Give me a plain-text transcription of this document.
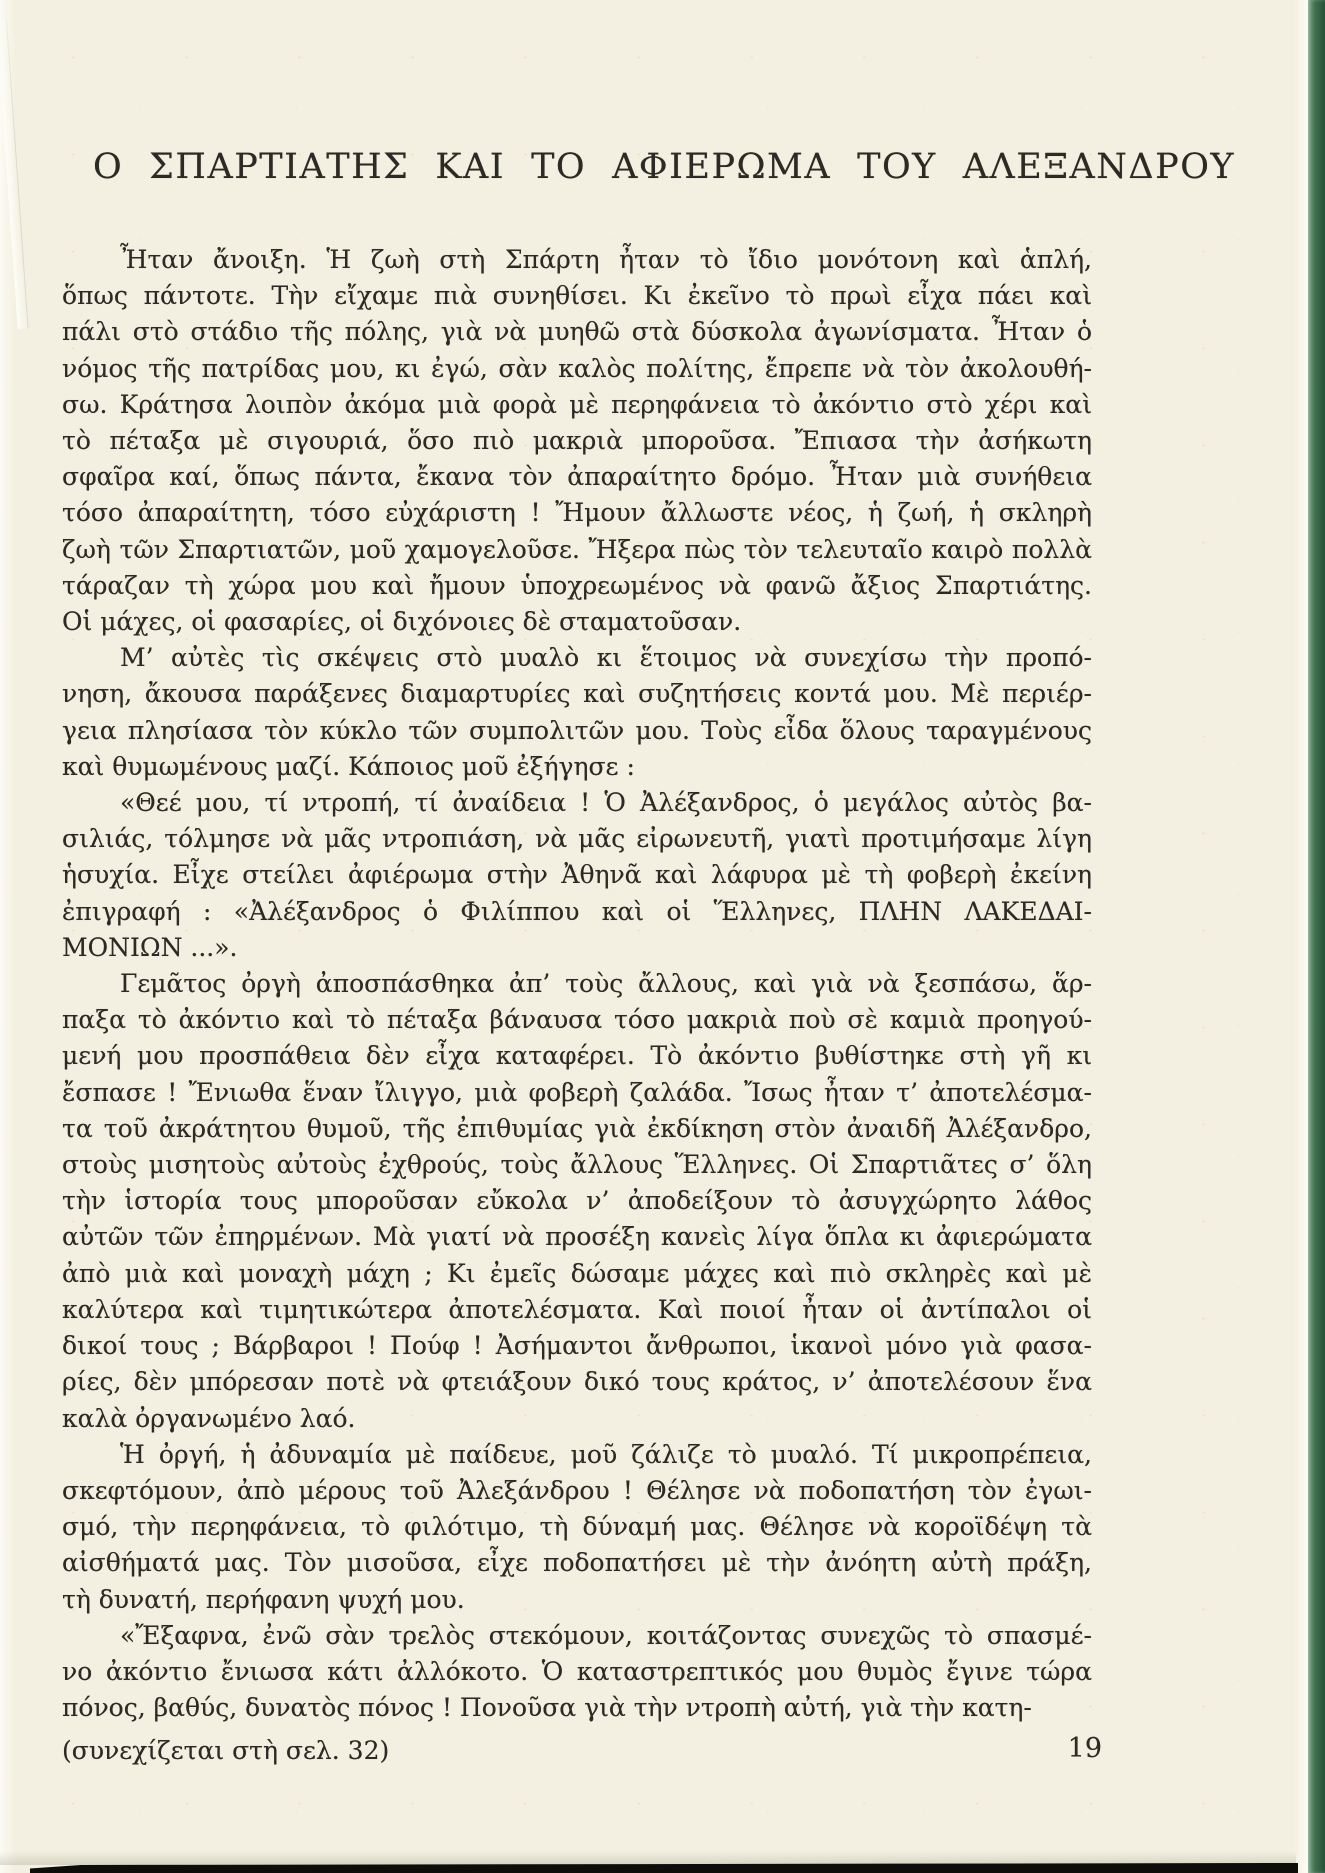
Ο ΣΠΑΡΤΙΑΤΗΣ ΚΑΙ ΤΟ ΑΦΙΕΡΩΜΑ ΤΟΥ ΑΛΕΞΑΝΔΡΟΥ
Ἦταν ἄνοιξη. Ἡ ζωὴ στὴ Σπάρτη ἦταν τὸ ἴδιο μονότονη καὶ ἁπλή,
ὅπως πάντοτε. Τὴν εἴχαμε πιὰ συνηθίσει. Κι ἐκεῖνο τὸ πρωὶ εἶχα πάει καὶ
πάλι στὸ στάδιο τῆς πόλης, γιὰ νὰ μυηθῶ στὰ δύσκολα ἀγωνίσματα. Ἦταν ὁ
νόμος τῆς πατρίδας μου, κι ἐγώ, σὰν καλὸς πολίτης, ἔπρεπε νὰ τὸν ἀκολουθή-
σω. Κράτησα λοιπὸν ἀκόμα μιὰ φορὰ μὲ περηφάνεια τὸ ἀκόντιο στὸ χέρι καὶ
τὸ πέταξα μὲ σιγουριά, ὅσο πιὸ μακριὰ μποροῦσα. Ἔπιασα τὴν ἀσήκωτη
σφαῖρα καί, ὅπως πάντα, ἔκανα τὸν ἀπαραίτητο δρόμο. Ἦταν μιὰ συνήθεια
τόσο ἀπαραίτητη, τόσο εὐχάριστη ! Ἤμουν ἄλλωστε νέος, ἡ ζωή, ἡ σκληρὴ
ζωὴ τῶν Σπαρτιατῶν, μοῦ χαμογελοῦσε. Ἤξερα πὼς τὸν τελευταῖο καιρὸ πολλὰ
τάραζαν τὴ χώρα μου καὶ ἤμουν ὑποχρεωμένος νὰ φανῶ ἄξιος Σπαρτιάτης.
Οἱ μάχες, οἱ φασαρίες, οἱ διχόνοιες δὲ σταματοῦσαν.
Μ’ αὐτὲς τὶς σκέψεις στὸ μυαλὸ κι ἕτοιμος νὰ συνεχίσω τὴν προπό-
νηση, ἄκουσα παράξενες διαμαρτυρίες καὶ συζητήσεις κοντά μου. Μὲ περιέρ-
γεια πλησίασα τὸν κύκλο τῶν συμπολιτῶν μου. Τοὺς εἶδα ὅλους ταραγμένους
καὶ θυμωμένους μαζί. Κάποιος μοῦ ἐξήγησε :
«Θεέ μου, τί ντροπή, τί ἀναίδεια ! Ὁ Ἀλέξανδρος, ὁ μεγάλος αὐτὸς βα-
σιλιάς, τόλμησε νὰ μᾶς ντροπιάση, νὰ μᾶς εἰρωνευτῆ, γιατὶ προτιμήσαμε λίγη
ἡσυχία. Εἶχε στείλει ἀφιέρωμα στὴν Ἀθηνᾶ καὶ λάφυρα μὲ τὴ φοβερὴ ἐκείνη
ἐπιγραφή : «Ἀλέξανδρος ὁ Φιλίππου καὶ οἱ Ἕλληνες, ΠΛΗΝ ΛΑΚΕΔΑΙ-
ΜΟΝΙΩΝ ...».
Γεμᾶτος ὀργὴ ἀποσπάσθηκα ἀπ’ τοὺς ἄλλους, καὶ γιὰ νὰ ξεσπάσω, ἅρ-
παξα τὸ ἀκόντιο καὶ τὸ πέταξα βάναυσα τόσο μακριὰ ποὺ σὲ καμιὰ προηγού-
μενή μου προσπάθεια δὲν εἶχα καταφέρει. Τὸ ἀκόντιο βυθίστηκε στὴ γῆ κι
ἔσπασε ! Ἔνιωθα ἕναν ἴλιγγο, μιὰ φοβερὴ ζαλάδα. Ἴσως ἦταν τ’ ἀποτελέσμα-
τα τοῦ ἀκράτητου θυμοῦ, τῆς ἐπιθυμίας γιὰ ἐκδίκηση στὸν ἀναιδῆ Ἀλέξανδρο,
στοὺς μισητοὺς αὐτοὺς ἐχθρούς, τοὺς ἄλλους Ἕλληνες. Οἱ Σπαρτιᾶτες σ’ ὅλη
τὴν ἱστορία τους μποροῦσαν εὔκολα ν’ ἀποδείξουν τὸ ἀσυγχώρητο λάθος
αὐτῶν τῶν ἐπηρμένων. Μὰ γιατί νὰ προσέξη κανεὶς λίγα ὅπλα κι ἀφιερώματα
ἀπὸ μιὰ καὶ μοναχὴ μάχη ; Κι ἐμεῖς δώσαμε μάχες καὶ πιὸ σκληρὲς καὶ μὲ
καλύτερα καὶ τιμητικώτερα ἀποτελέσματα. Καὶ ποιοί ἦταν οἱ ἀντίπαλοι οἱ
δικοί τους ; Βάρβαροι ! Πούφ ! Ἀσήμαντοι ἄνθρωποι, ἱκανοὶ μόνο γιὰ φασα-
ρίες, δὲν μπόρεσαν ποτὲ νὰ φτειάξουν δικό τους κράτος, ν’ ἀποτελέσουν ἕνα
καλὰ ὀργανωμένο λαό.
Ἡ ὀργή, ἡ ἀδυναμία μὲ παίδευε, μοῦ ζάλιζε τὸ μυαλό. Τί μικροπρέπεια,
σκεφτόμουν, ἀπὸ μέρους τοῦ Ἀλεξάνδρου ! Θέλησε νὰ ποδοπατήση τὸν ἐγωι-
σμό, τὴν περηφάνεια, τὸ φιλότιμο, τὴ δύναμή μας. Θέλησε νὰ κοροϊδέψη τὰ
αἰσθήματά μας. Τὸν μισοῦσα, εἶχε ποδοπατήσει μὲ τὴν ἀνόητη αὐτὴ πράξη,
τὴ δυνατή, περήφανη ψυχή μου.
«Ἔξαφνα, ἐνῶ σὰν τρελὸς στεκόμουν, κοιτάζοντας συνεχῶς τὸ σπασμέ-
νο ἀκόντιο ἔνιωσα κάτι ἀλλόκοτο. Ὁ καταστρεπτικός μου θυμὸς ἔγινε τώρα
πόνος, βαθύς, δυνατὸς πόνος ! Πονοῦσα γιὰ τὴν ντροπὴ αὐτή, γιὰ τὴν κατη-
(συνεχίζεται στὴ σελ. 32)	19
